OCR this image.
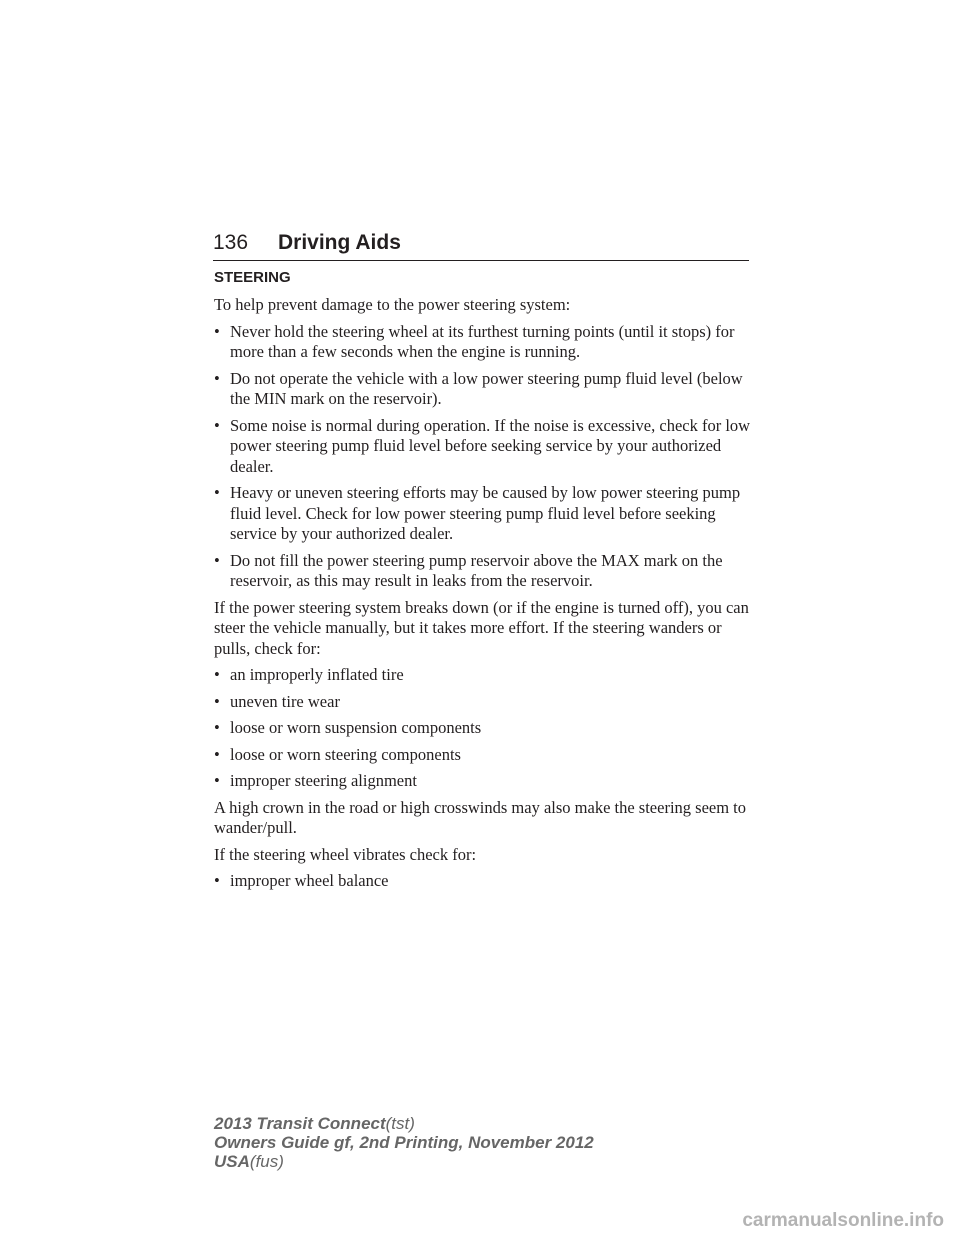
136 Driving Aids
STEERING
To help prevent damage to the power steering system:
• Never hold the steering wheel at its furthest turning points (until it stops) for more than a few seconds when the engine is running.
• Do not operate the vehicle with a low power steering pump fluid level (below the MIN mark on the reservoir).
• Some noise is normal during operation. If the noise is excessive, check for low power steering pump fluid level before seeking service by your authorized dealer.
• Heavy or uneven steering efforts may be caused by low power steering pump fluid level. Check for low power steering pump fluid level before seeking service by your authorized dealer.
• Do not fill the power steering pump reservoir above the MAX mark on the reservoir, as this may result in leaks from the reservoir.
If the power steering system breaks down (or if the engine is turned off), you can steer the vehicle manually, but it takes more effort. If the steering wanders or pulls, check for:
• an improperly inflated tire
• uneven tire wear
• loose or worn suspension components
• loose or worn steering components
• improper steering alignment
A high crown in the road or high crosswinds may also make the steering seem to wander/pull.
If the steering wheel vibrates check for:
• improper wheel balance
2013 Transit Connect(tst)
Owners Guide gf, 2nd Printing, November 2012
USA(fus)
carmanualsonline.info
